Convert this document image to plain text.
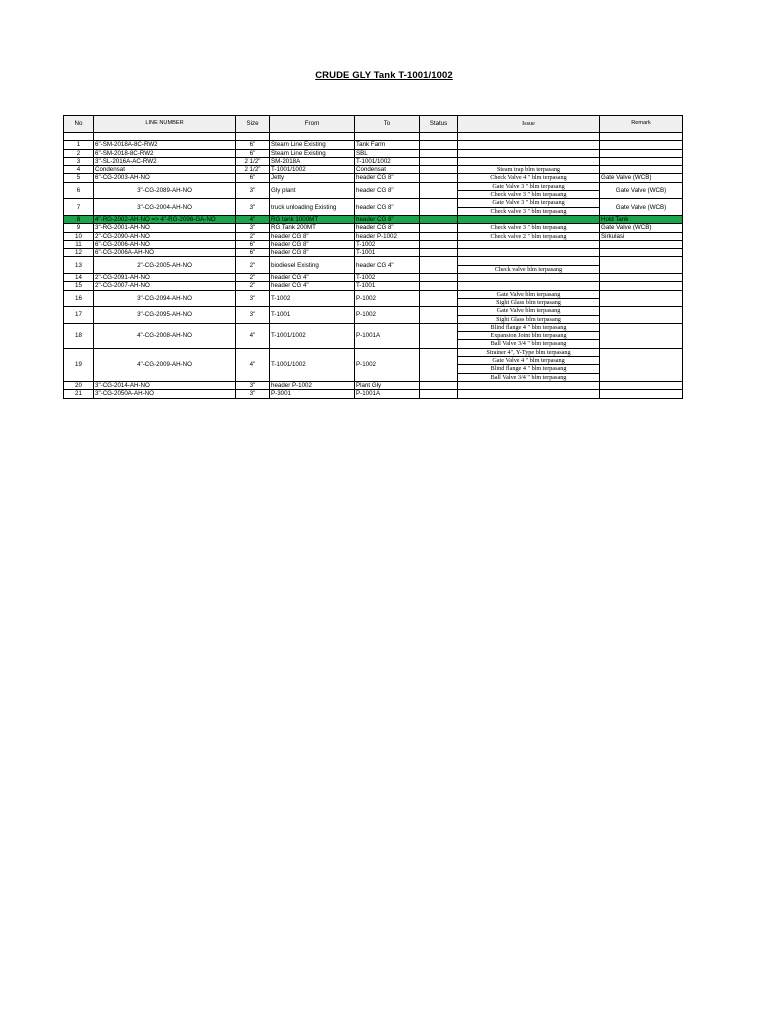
CRUDE GLY Tank T-1001/1002
No	LINE NUMBER	Size	From	To	Status	Issue	Remark

1	6"-SM-2018A-8C-RW2	6"	Steam Line Existing	Tank Farm			
2	6"-SM-2018-8C-RW2	6"	Steam Line Existing	SBL			
3	3"-SL-2016A-AC-RW2	2 1/2"	SM-2018A	T-1001/1002			
4	Condensat	2 1/2"	T-1001/1002	Condensat		Steam trap blm terpasang	
5	6"-CG-2003-AH-NO	6"	Jetty	header CG 8"		Check Valve 4 " blm terpasang	Gate Valve (WCB)
6	3"-CG-2089-AH-NO	3"	Gly plant	header CG 8"		Gate Valve 3 " blm terpasang	Gate Valve (WCB)
						Check valve 3 " blm terpasang	
7	3"-CG-2004-AH-NO	3"	truck unloading Existing	header CG 8"		Gate Valve 3 " blm terpasang	Gate Valve (WCB)
						Check valve 3 " blm terpasang	
8	4"-RG-2002-AH-NO => 4"-RG-2096-GA-NO	4"	RG tank 1000MT	header CG 8"			Hold Tank
9	3"-RG-2001-AH-NO	3"	RG Tank 200MT	header CG 8"		Check valve 3 " blm terpasang	Gate Valve (WCB)
10	2"-CG-2090-AH-NO	2"	header CG 8"	header P-1002		Check valve 2 " blm terpasang	Sirkulasi
11	6"-CG-2006-AH-NO	6"	header CG 8"	T-1002			
12	6"-CG-2006A-AH-NO	6"	header CG 8"	T-1001			
13	2"-CG-2005-AH-NO	2"	biodiesel Existing	header CG 4"			
						Check valve blm terpasang	
14	2"-CG-2091-AH-NO	2"	header CG 4"	T-1002			
15	2"-CG-2007-AH-NO	2"	header CG 4"	T-1001			
16	3"-CG-2094-AH-NO	3"	T-1002	P-1002		Gate Valve blm terpasang	
						Sight Glass blm terpasang	
17	3"-CG-2095-AH-NO	3"	T-1001	P-1002		Gate Valve blm terpasang	
						Sight Glass blm terpasang	
18	4"-CG-2008-AH-NO	4"	T-1001/1002	P-1001A		Blind flange 4 " blm terpasang	
						Expansion Joint blm terpasang	
						Ball Valve 3/4 " blm terpasang	
19	4"-CG-2009-AH-NO	4"	T-1001/1002	P-1002		Strainer 4", Y-Type blm terpasang	
						Gate Valve 4 " blm terpasang	
						Blind flange 4 " blm terpasang	
						Ball Valve 3/4 " blm terpasang	
20	3"-CG-2014-AH-NO	3"	header P-1002	Plant Gly			
21	3"-CG-2050A-AH-NO	3"	P-3001	P-1001A			
